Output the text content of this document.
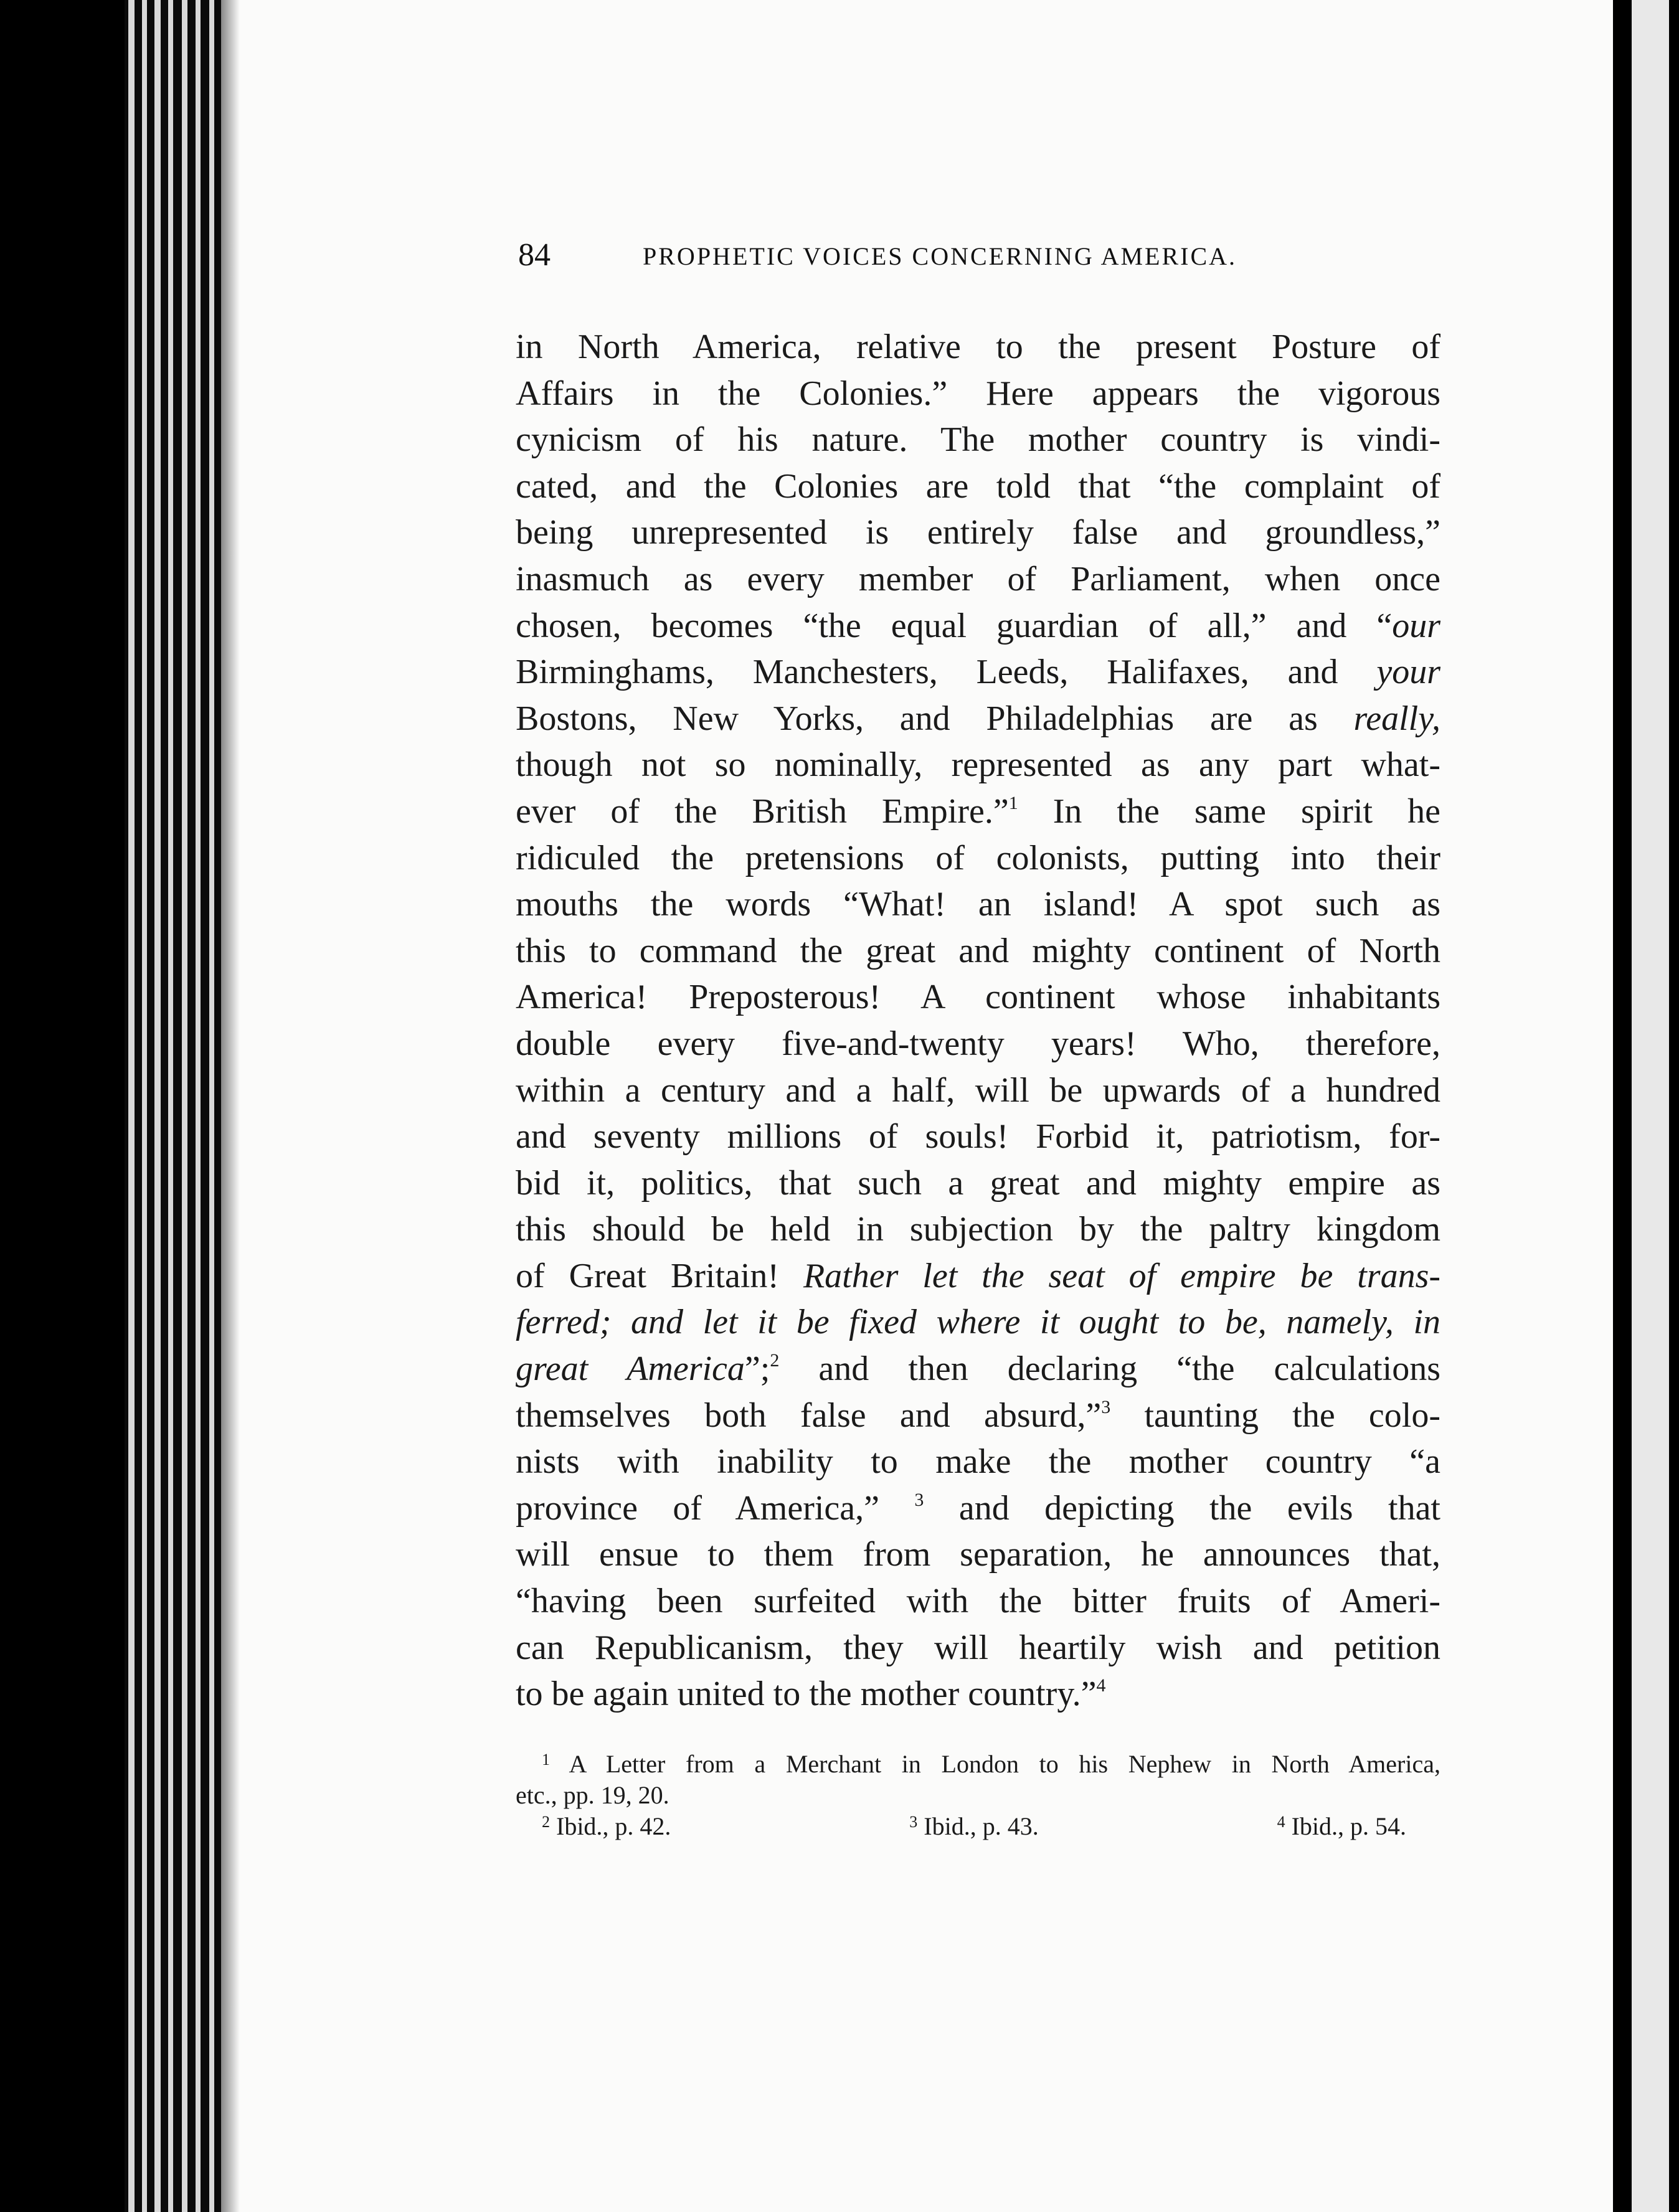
84	PROPHETIC VOICES CONCERNING AMERICA.
in North America, relative to the present Posture of
Affairs in the Colonies.” Here appears the vigorous
cynicism of his nature. The mother country is vindi-
cated, and the Colonies are told that “the complaint of
being unrepresented is entirely false and groundless,”
inasmuch as every member of Parliament, when once
chosen, becomes “the equal guardian of all,” and “our
Birminghams, Manchesters, Leeds, Halifaxes, and your
Bostons, New Yorks, and Philadelphias are as really,
though not so nominally, represented as any part what-
ever of the British Empire.”$^1$ In the same spirit he
ridiculed the pretensions of colonists, putting into their
mouths the words “What! an island! A spot such as
this to command the great and mighty continent of North
America! Preposterous! A continent whose inhabitants
double every five-and-twenty years! Who, therefore,
within a century and a half, will be upwards of a hundred
and seventy millions of souls! Forbid it, patriotism, for-
bid it, politics, that such a great and mighty empire as
this should be held in subjection by the paltry kingdom
of Great Britain! Rather let the seat of empire be trans-
ferred; and let it be fixed where it ought to be, namely, in
great America”;$^2$ and then declaring “the calculations
themselves both false and absurd,”$^3$ taunting the colo-
nists with inability to make the mother country “a
province of America,” $^3$ and depicting the evils that
will ensue to them from separation, he announces that,
“having been surfeited with the bitter fruits of Ameri-
can Republicanism, they will heartily wish and petition
to be again united to the mother country.”$^4$
$^1$ A Letter from a Merchant in London to his Nephew in North America,
etc., pp. 19, 20.
$^2$ Ibid., p. 42.	$^3$ Ibid., p. 43.	$^4$ Ibid., p. 54.
